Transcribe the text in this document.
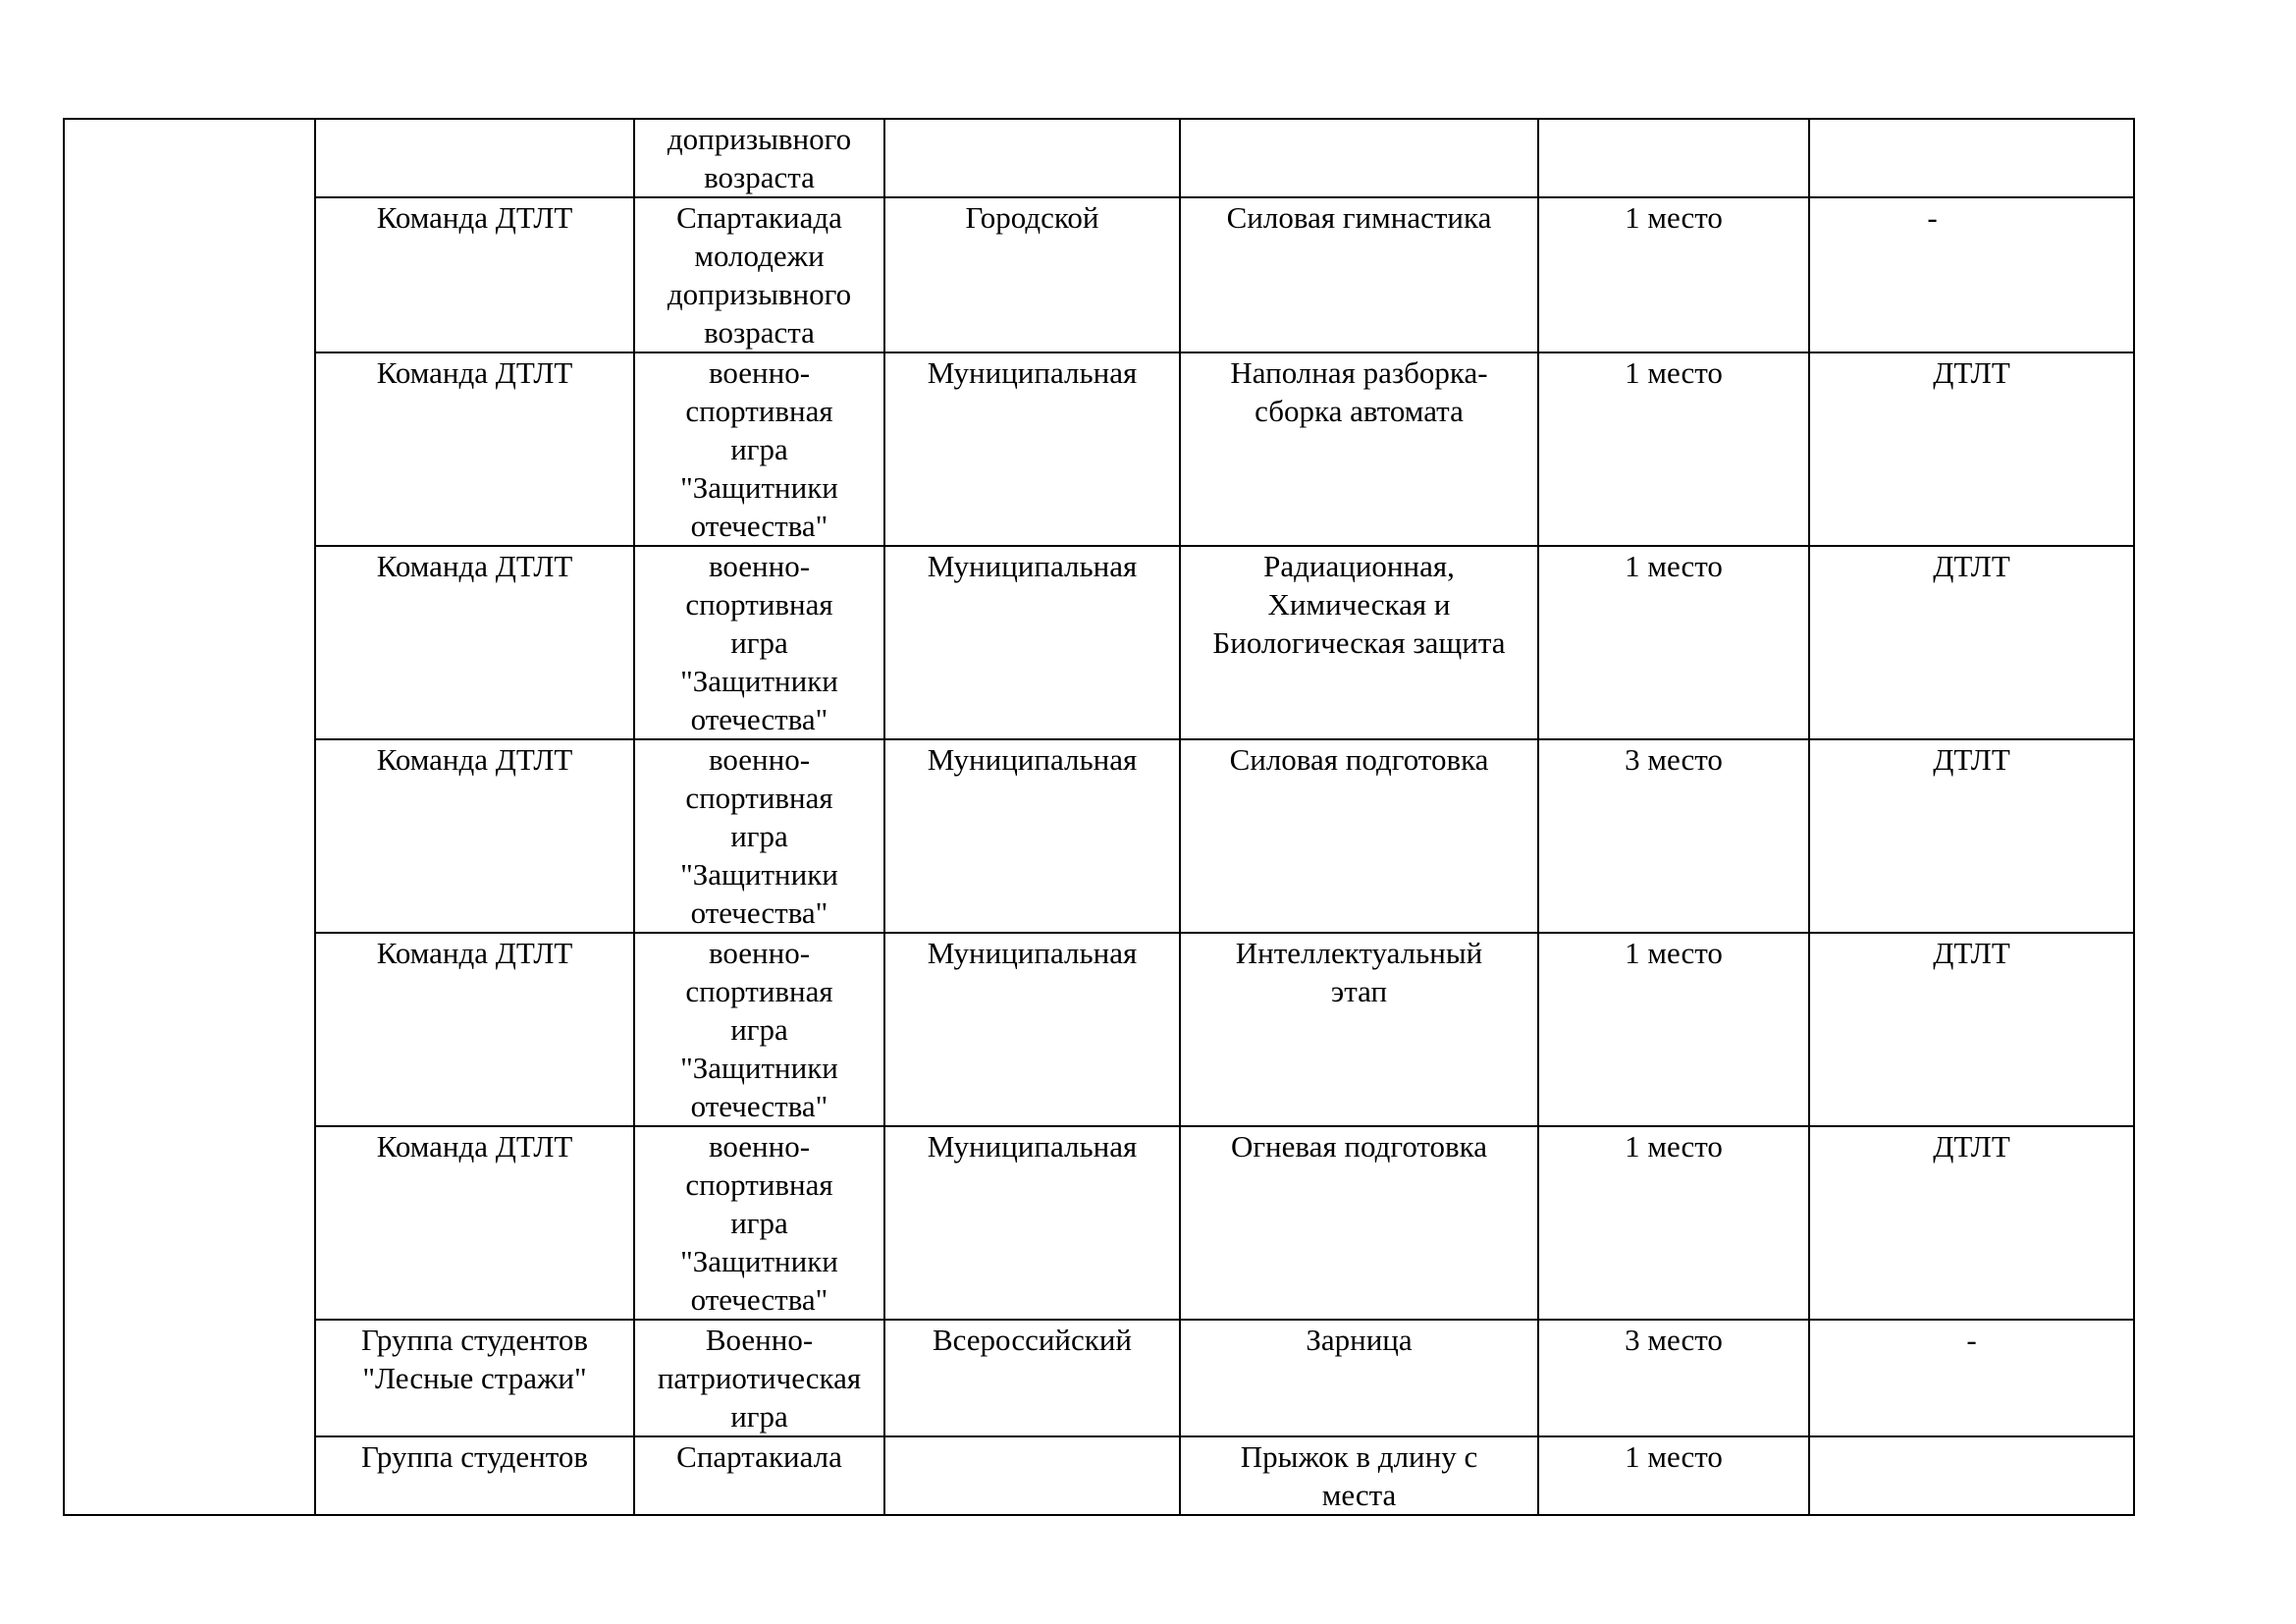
		допризывного
возраста				

	Команда ДТЛТ	Спартакиада
молодежи
допризывного
возраста	Городской	Силовая гимнастика	1 место	-

	Команда ДТЛТ	военно-
спортивная
игра
"Защитники
отечества"	Муниципальная	Наполная разборка-
сборка автомата	1 место	ДТЛТ

	Команда ДТЛТ	военно-
спортивная
игра
"Защитники
отечества"	Муниципальная	Радиационная,
Химическая и
Биологическая защита	1 место	ДТЛТ

	Команда ДТЛТ	военно-
спортивная
игра
"Защитники
отечества"	Муниципальная	Силовая подготовка	3 место	ДТЛТ

	Команда ДТЛТ	военно-
спортивная
игра
"Защитники
отечества"	Муниципальная	Интеллектуальный
этап	1 место	ДТЛТ

	Команда ДТЛТ	военно-
спортивная
игра
"Защитники
отечества"	Муниципальная	Огневая подготовка	1 место	ДТЛТ

	Группа студентов
"Лесные стражи"	Военно-
патриотическая
игра	Всероссийский	Зарница	3 место	-

	Группа студентов	Спартакиала		Прыжок в длину с
места	1 место	
